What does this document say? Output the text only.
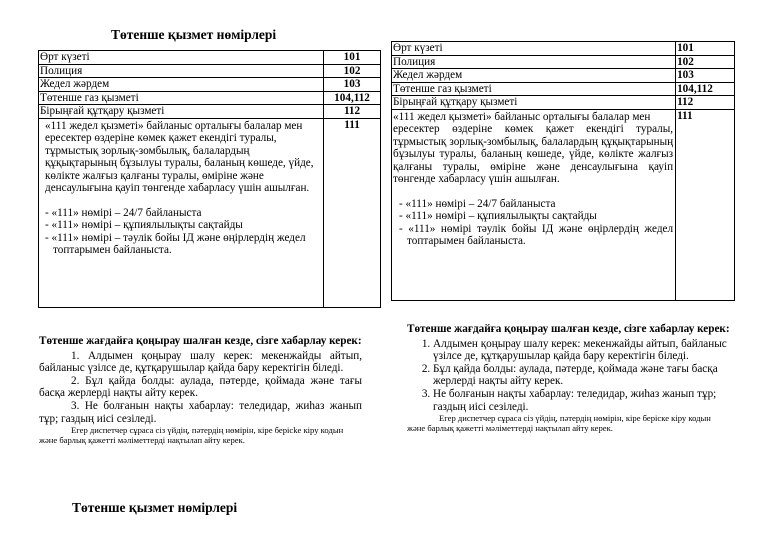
Төтенше қызмет нөмірлері
Өрт күзеті	101
Полиция	102
Жедел жәрдем	103
Төтенше газ қызметі	104,112
Бірыңғай құтқару қызметі	112

«111 жедел қызметі» байланыс орталығы балалар мен

ересектер өздеріне көмек қажет екендігі туралы, тұрмыстық зорлық-зомбылық, балалардың құқықтарының бұзылуы туралы, баланың көшеде, үйде, көлікте жалғыз қалғаны туралы, өміріне және денсаулығына қауіп төнгенде хабарласу үшін ашылған.

- «111» нөмірі – 24/7 байланыста

- «111» нөмірі – құпиялылықты сақтайды

- «111» нөмірі – тәулік бойы ІД және өңірлердің жедел топтарымен байланыста.	111

Төтенше жағдайға қоңырау шалған кезде, сізге хабарлау керек:

1. Алдымен қоңырау шалу керек: мекенжайды айтып, байланыс үзілсе де, құтқарушылар қайда бару керектігін біледі.

2. Бұл қайда болды: аулада, пәтерде, қоймада және тағы басқа жерлерді нақты айту керек.

3. Не болғанын нақты хабарлау: теледидар, жиһаз жанып тұр; газдың иісі сезіледі.

Егер диспетчер сұраса сіз үйдің, пәтердің нөмірін, кіре берісke кіру кодын және барлық қажетті мәліметтерді нақтылап айту керек.

Төтенше қызмет нөмірлері
Өрт күзеті	101
Полиция	102
Жедел жәрдем	103
Төтенше газ қызметі	104,112
Бірыңғай құтқару қызметі	112

«111 жедел қызметі» байланыс орталығы балалар мен

ересектер өздеріне көмек қажет екендігі туралы, тұрмыстық зорлық-зомбылық, балалардың құқықтарының бұзылуы туралы, баланың көшеде, үйде, көлікте жалғыз қалғаны туралы, өміріне және денсаулығына қауіп төнгенде хабарласу үшін ашылған.

- «111» нөмірі – 24/7 байланыста

- «111» нөмірі – құпиялылықты сақтайды

- «111» нөмірі тәулік бойы ІД және өңірлердің жедел топтарымен байланыста.	111

Төтенше жағдайға қоңырау шалған кезде, сізге хабарлау керек:

1. Алдымен қоңырау шалу керек: мекенжайды айтып, байланыс үзілсе де, құтқарушылар қайда бару керектігін біледі.
2. Бұл қайда болды: аулада, пәтерде, қоймада және тағы басқа жерлерді нақты айту керек.
3. Не болғанын нақты хабарлау: теледидар, жиһаз жанып тұр; газдың иісі сезіледі.

Егер диспетчер сұраса сіз үйдің, пәтердің нөмірін, кіре беріске кіру кодын және барлық қажетті мәліметтерді нақтылап айту керек.
